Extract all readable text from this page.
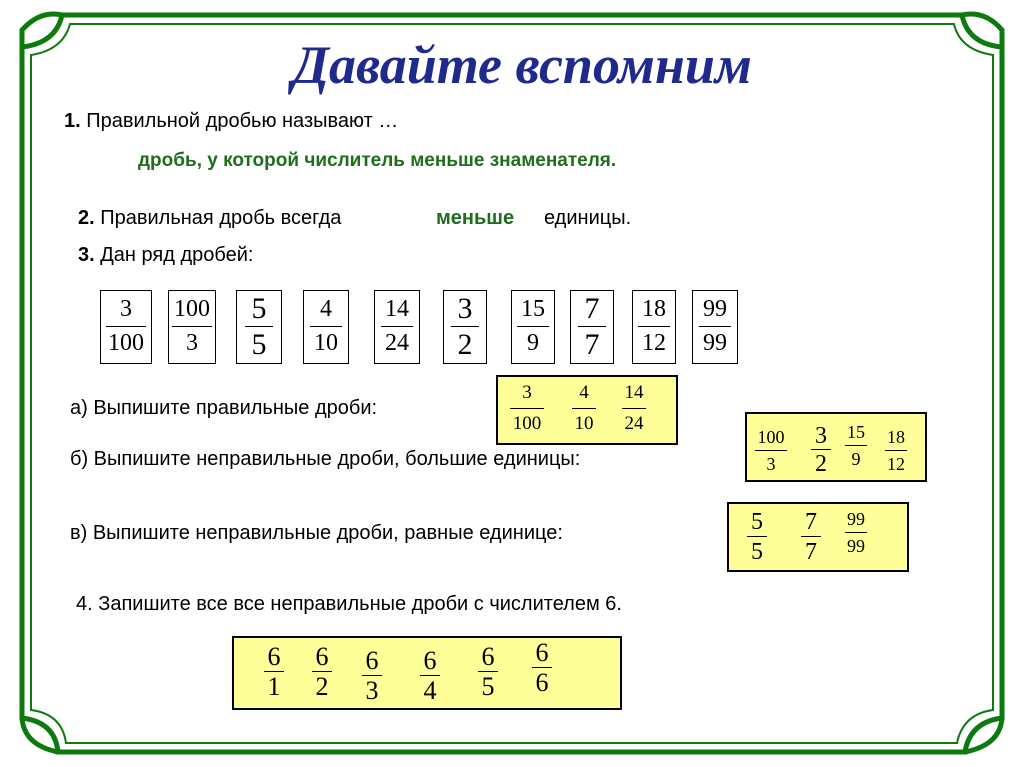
Давайте вспомним
1. Правильной дробью называют …
дробь, у которой числитель меньше знаменателя.
2. Правильная дробь всегда	меньше единицы.
3. Дан ряд дробей:
3
100
100
3
5
5
4
10
14
24
3
2
15
9
7
7
18
12
99
99
а) Выпишите правильные дроби:
3
100
4
10
14
24
б) Выпишите неправильные дроби, большие единицы:
100
3
3
2
15
9
18
12
в) Выпишите неправильные дроби, равные единице:	5
5
7
7
99
99
4. Запишите все все неправильные дроби с числителем 6.
6
1
6
2
6
3
6
4
6
5
6
6
